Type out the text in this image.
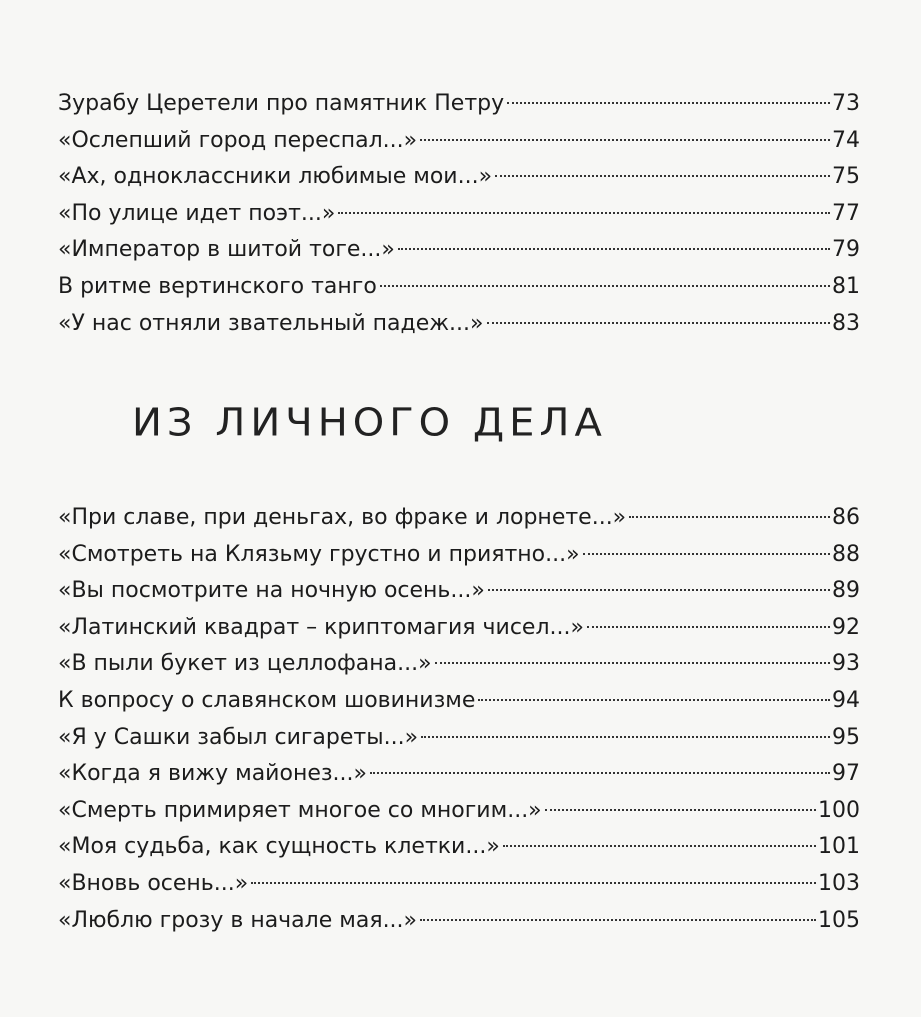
Зурабу Церетели про памятник Петру	73
«Ослепший город переспал...»	74
«Ах, одноклассники любимые мои...»	75
«По улице идет поэт...»	77
«Император в шитой тоге...»	79
В ритме вертинского танго	81
«У нас отняли звательный падеж...»	83
ИЗ ЛИЧНОГО ДЕЛА
«При славе, при деньгах, во фраке и лорнете...»	86
«Смотреть на Клязьму грустно и приятно...»	88
«Вы посмотрите на ночную осень...»	89
«Латинский квадрат – криптомагия чисел...»	92
«В пыли букет из целлофана...»	93
К вопросу о славянском шовинизме	94
«Я у Сашки забыл сигареты...»	95
«Когда я вижу майонез...»	97
«Смерть примиряет многое со многим...»	100
«Моя судьба, как сущность клетки...»	101
«Вновь осень...»	103
«Люблю грозу в начале мая...»	105
